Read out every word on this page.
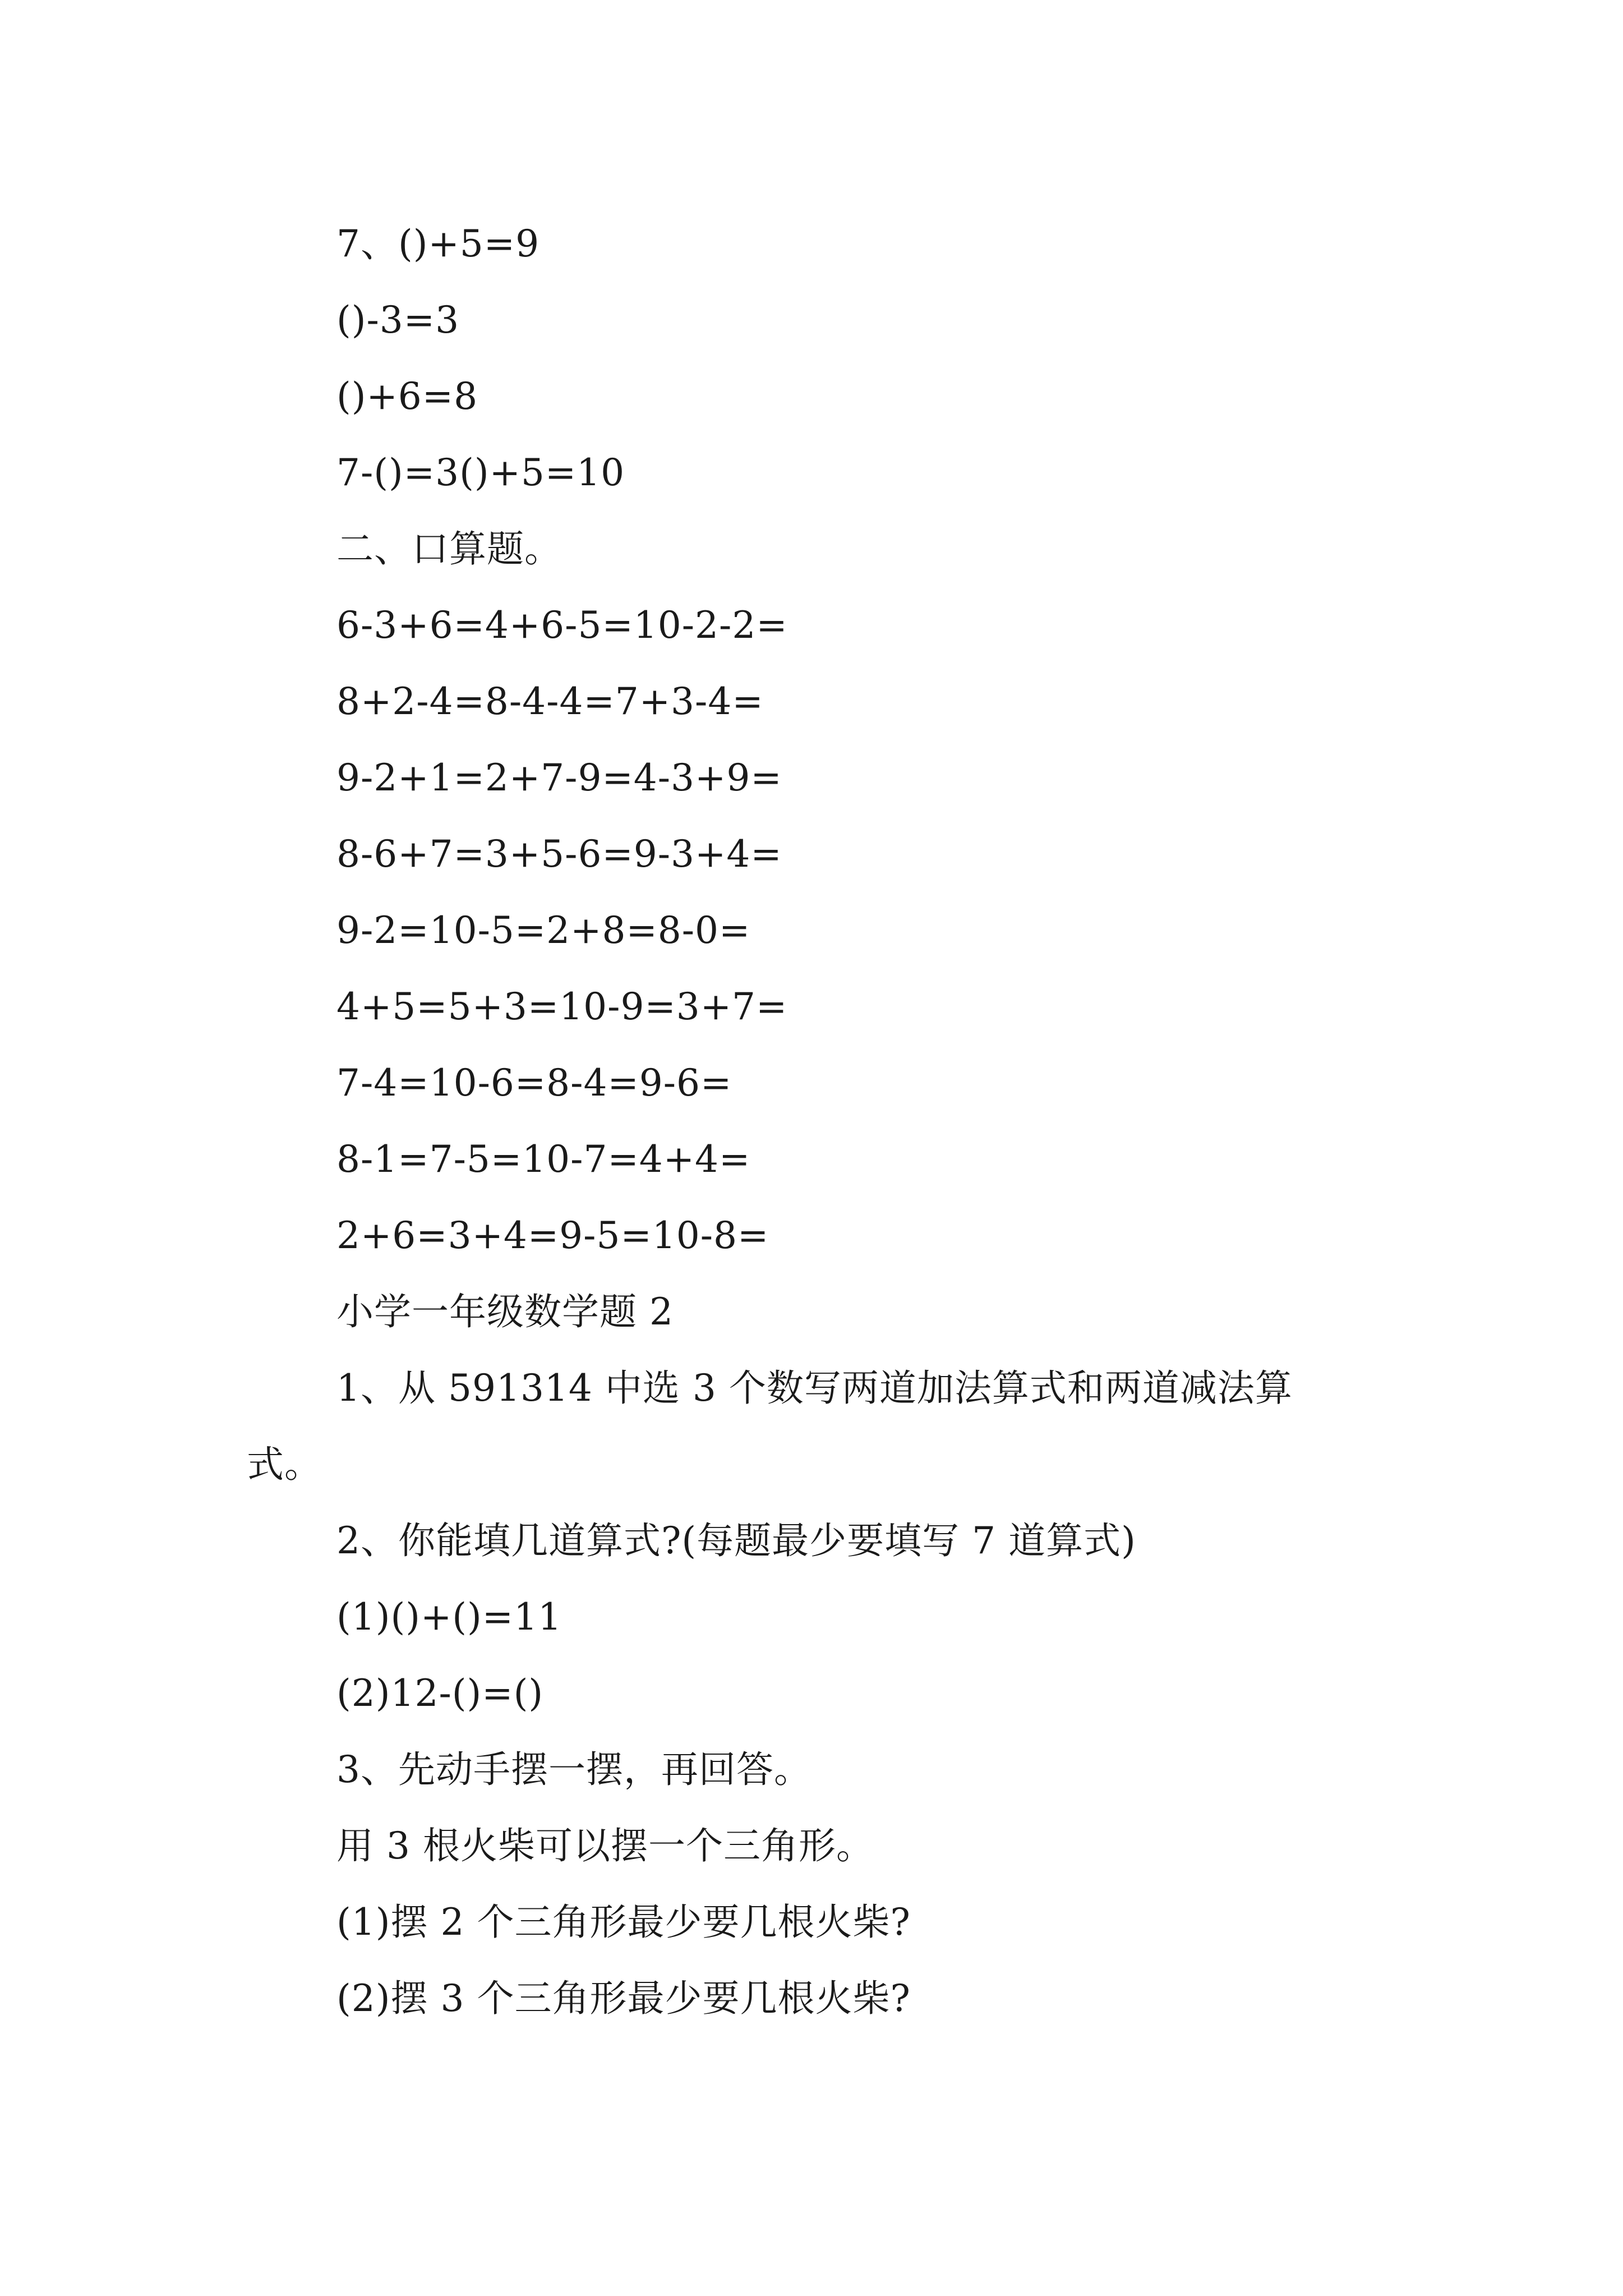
7、()+5=9
()-3=3
()+6=8
7-()=3()+5=10
二、口算题。
6-3+6=4+6-5=10-2-2=
8+2-4=8-4-4=7+3-4=
9-2+1=2+7-9=4-3+9=
8-6+7=3+5-6=9-3+4=
9-2=10-5=2+8=8-0=
4+5=5+3=10-9=3+7=
7-4=10-6=8-4=9-6=
8-1=7-5=10-7=4+4=
2+6=3+4=9-5=10-8=
小学一年级数学题 2
1、从 591314 中选 3 个数写两道加法算式和两道减法算
式。
2、你能填几道算式?(每题最少要填写 7 道算式)
(1)()+()=11
(2)12-()=()
3、先动手摆一摆，再回答。
用 3 根火柴可以摆一个三角形。
(1)摆 2 个三角形最少要几根火柴?
(2)摆 3 个三角形最少要几根火柴?
